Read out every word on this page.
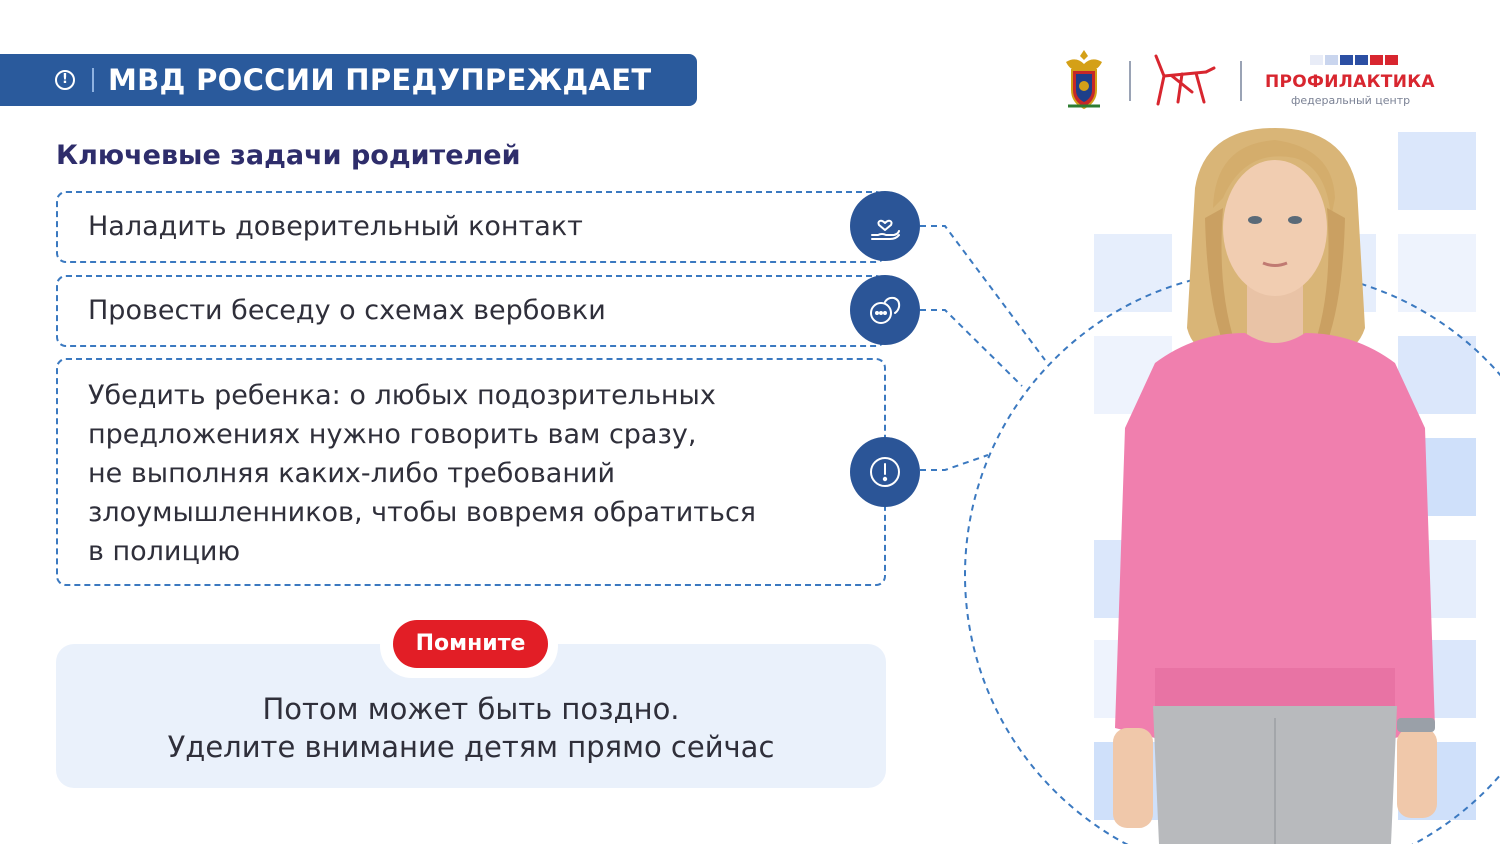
! МВД РОССИИ ПРЕДУПРЕЖДАЕТ	ПРОФИЛАКТИКА
федеральный центр
Ключевые задачи родителей
Наладить доверительный контакт
Провести беседу о схемах вербовки
Убедить ребенка: о любых подозрительных
предложениях нужно говорить вам сразу,
не выполняя каких-либо требований
злоумышленников, чтобы вовремя обратиться
в полицию
Помните
Потом может быть поздно.
Уделите внимание детям прямо сейчас
